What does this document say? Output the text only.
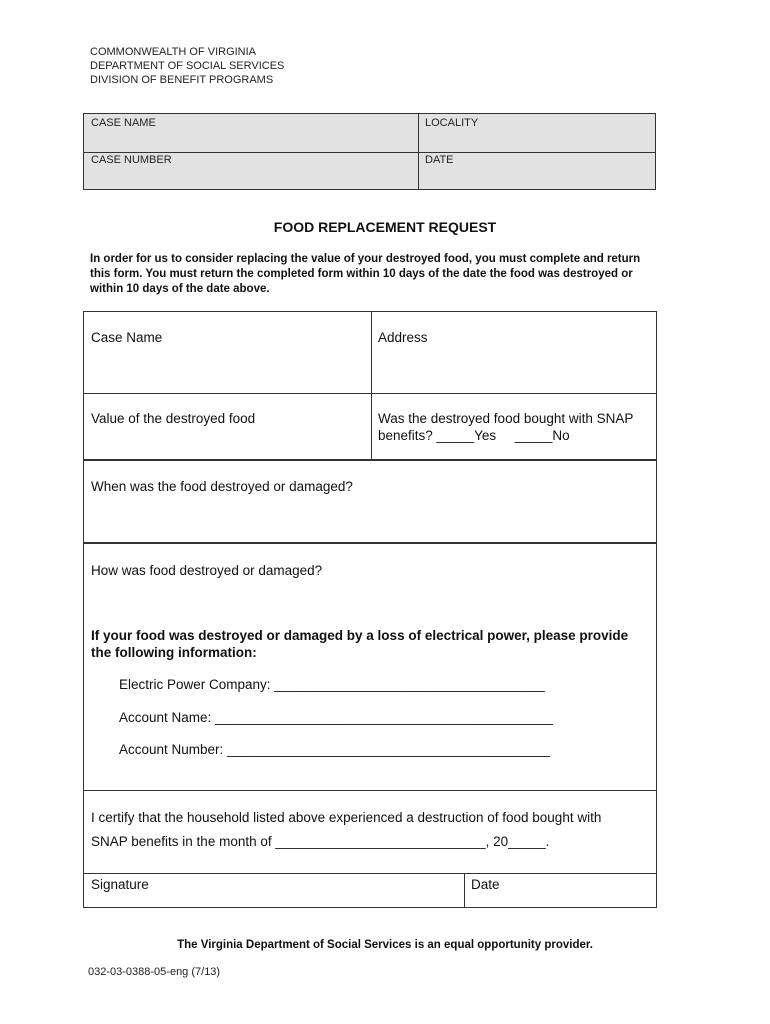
COMMONWEALTH OF VIRGINIA
DEPARTMENT OF SOCIAL SERVICES
DIVISION OF BENEFIT PROGRAMS
CASE NAME	LOCALITY
CASE NUMBER	DATE
FOOD REPLACEMENT REQUEST
In order for us to consider replacing the value of your destroyed food, you must complete and return this form. You must return the completed form within 10 days of the date the food was destroyed or within 10 days of the date above.
Case Name	Address
Value of the destroyed food	Was the destroyed food bought with SNAP
benefits? _____Yes     _____No
When was the food destroyed or damaged?
How was food destroyed or damaged?
If your food was destroyed or damaged by a loss of electrical power, please provide the following information:
Electric Power Company: ____________________________________
Account Name: _____________________________________________
Account Number: ___________________________________________
I certify that the household listed above experienced a destruction of food bought with
SNAP benefits in the month of ____________________________, 20_____.
Signature	Date
The Virginia Department of Social Services is an equal opportunity provider.
032-03-0388-05-eng (7/13)
